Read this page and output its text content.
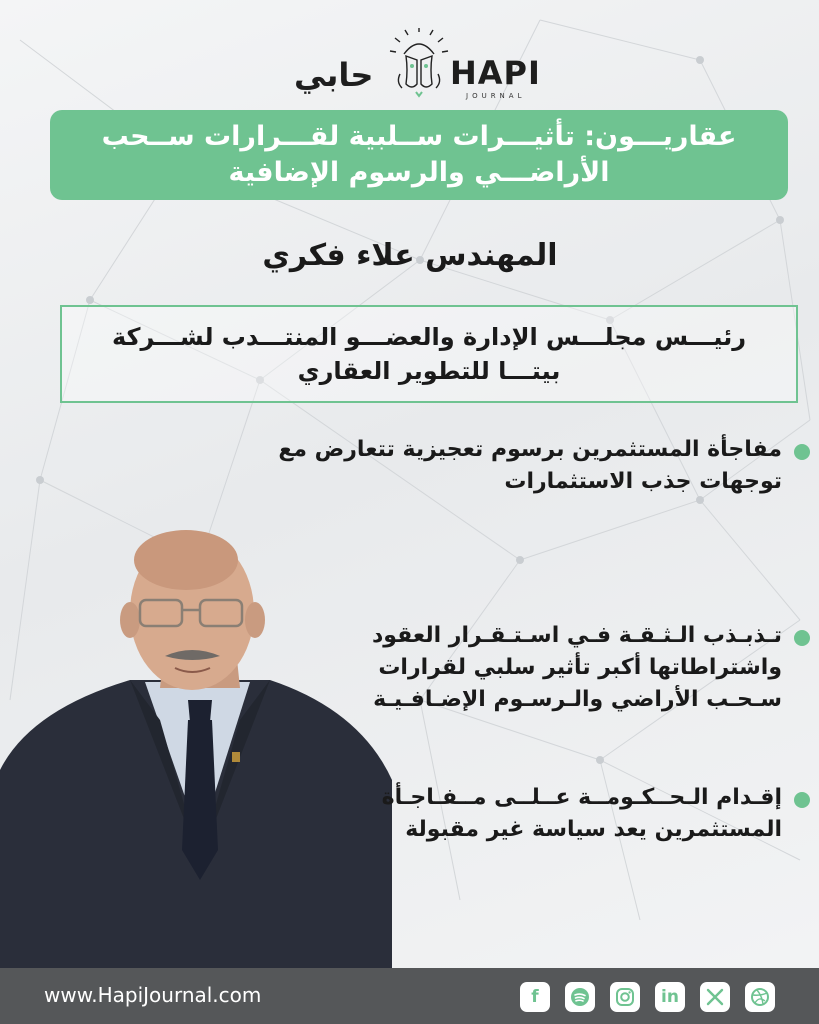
حابي HAPI
JOURNAL
عقاريـــون: تأثيـــرات ســلبية لقـــرارات ســحب الأراضـــي والرسوم الإضافية
المهندس علاء فكري
رئيـــس مجلـــس الإدارة والعضـــو المنتـــدب لشـــركة بيتـــا للتطوير العقاري
مفاجأة المستثمرين برسوم تعجيزية تتعارض مع توجهات جذب الاستثمارات
تـذبـذب الـثـقـة فـي اسـتـقـرار العقود واشتراطاتها أكبر تأثير سلبي لقرارات سـحـب الأراضي والـرسـوم الإضـافـيـة
إقـدام الـحــكـومــة عــلــى مــفـاجـأة المستثمرين يعد سياسة غير مقبولة
www.HapiJournal.com	f	in
